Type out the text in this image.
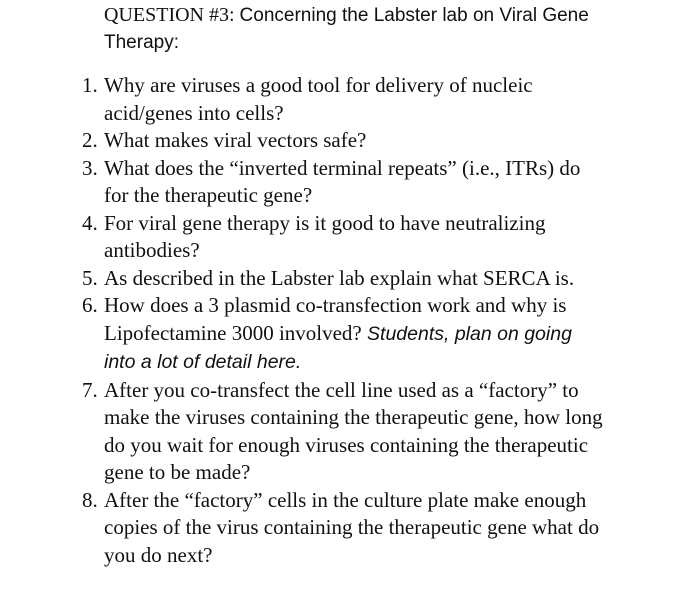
QUESTION #3: Concerning the Labster lab on Viral Gene Therapy:
1. Why are viruses a good tool for delivery of nucleic acid/genes into cells?
2. What makes viral vectors safe?
3. What does the “inverted terminal repeats” (i.e., ITRs) do for the therapeutic gene?
4. For viral gene therapy is it good to have neutralizing antibodies?
5. As described in the Labster lab explain what SERCA is.
6. How does a 3 plasmid co-transfection work and why is Lipofectamine 3000 involved? Students, plan on going into a lot of detail here.
7. After you co-transfect the cell line used as a “factory” to make the viruses containing the therapeutic gene, how long do you wait for enough viruses containing the therapeutic gene to be made?
8. After the “factory” cells in the culture plate make enough copies of the virus containing the therapeutic gene what do you do next?
